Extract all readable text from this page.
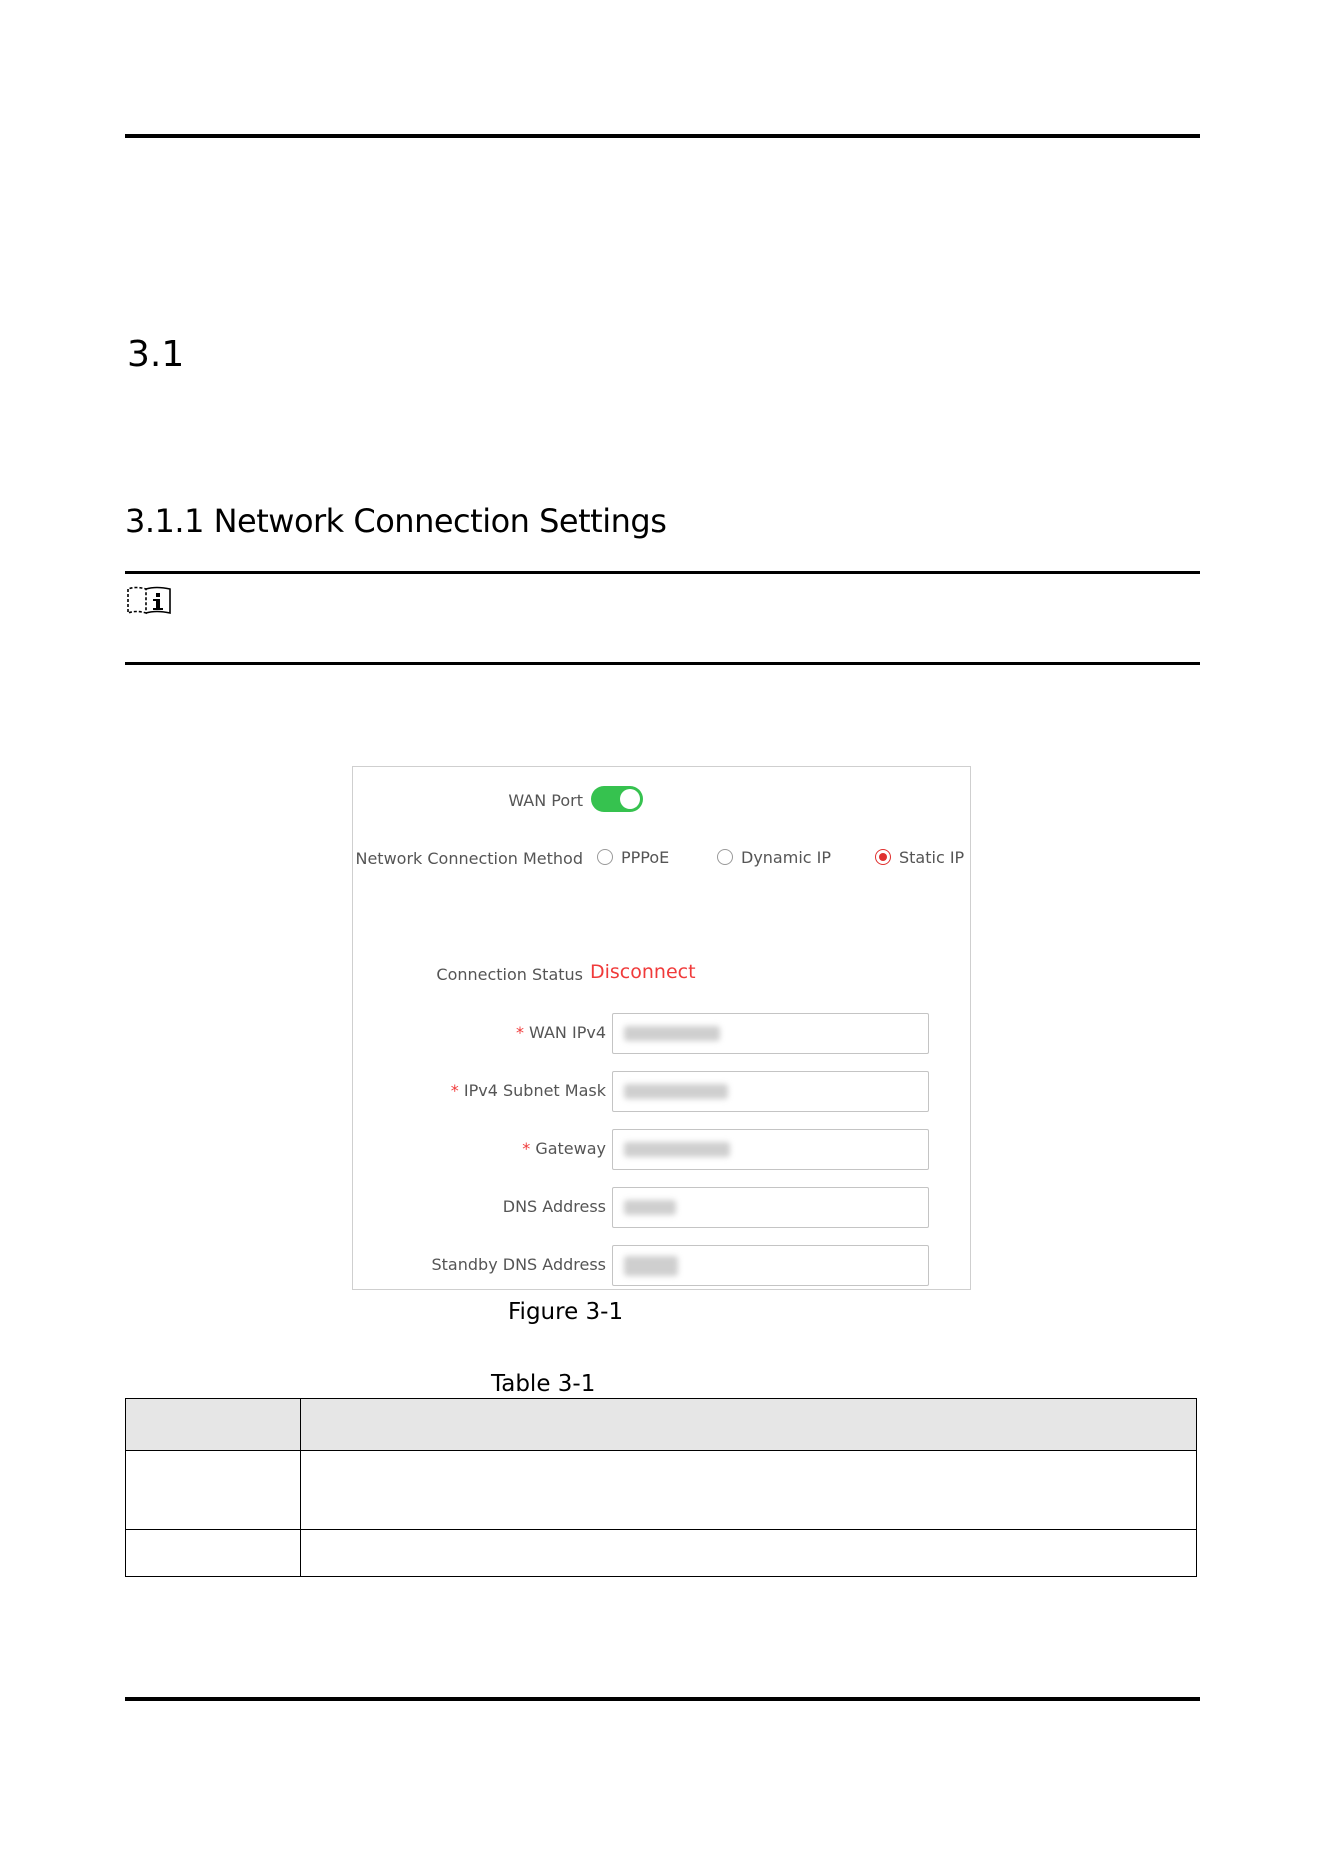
3.1
3.1.1 Network Connection Settings
WAN Port
Network Connection Method PPPoE	Dynamic IP	Static IP
Connection Status Disconnect
* WAN IPv4
* IPv4 Subnet Mask
* Gateway
DNS Address
Standby DNS Address
Figure 3-1
Table 3-1
